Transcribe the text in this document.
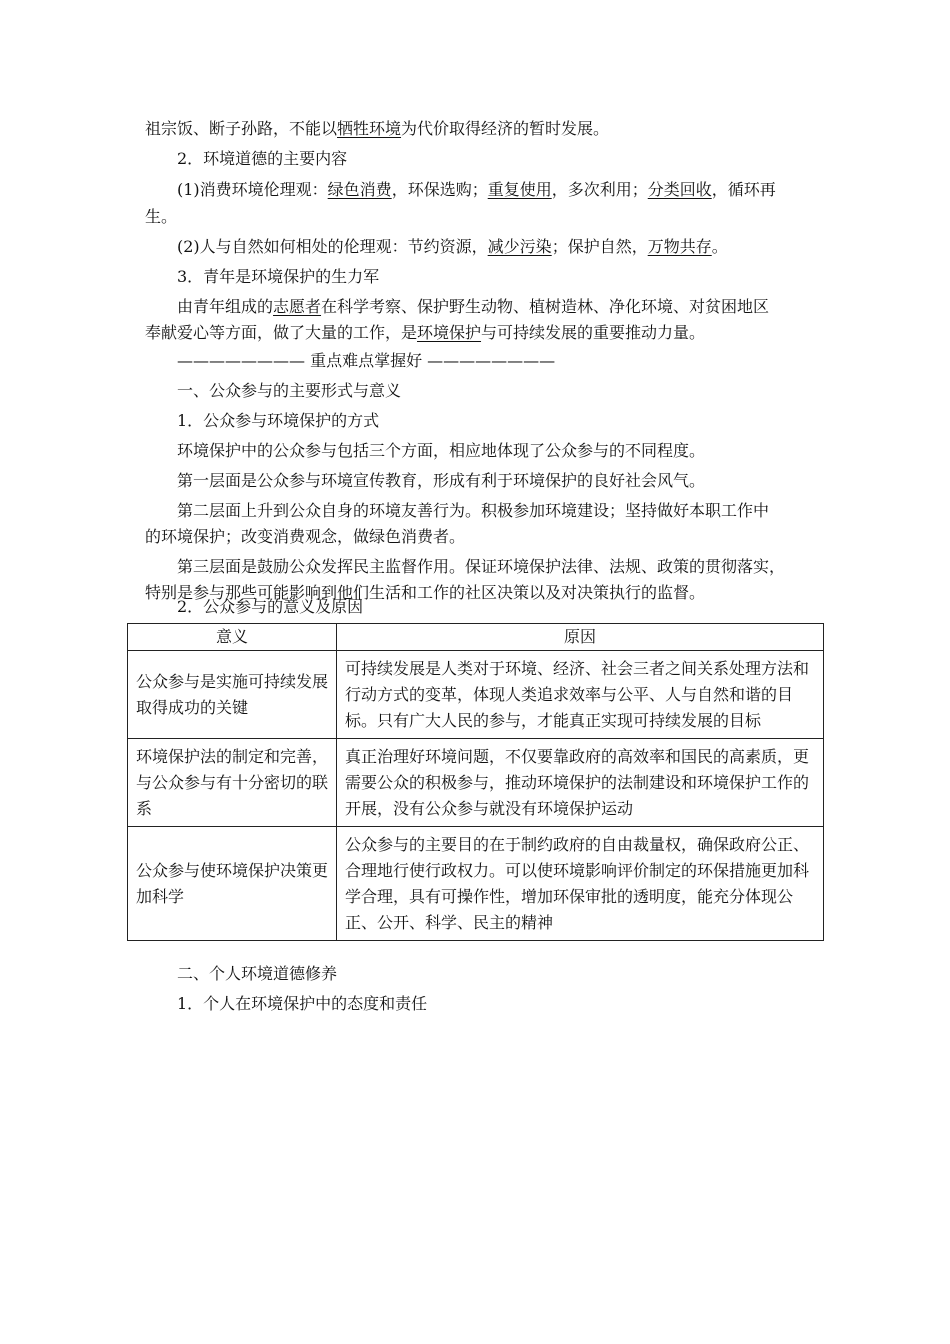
祖宗饭、断子孙路，不能以牺牲环境为代价取得经济的暂时发展。
2．环境道德的主要内容
(1)消费环境伦理观：绿色消费，环保选购；重复使用，多次利用；分类回收，循环再
生。
(2)人与自然如何相处的伦理观：节约资源，减少污染；保护自然，万物共存。
3．青年是环境保护的生力军
由青年组成的志愿者在科学考察、保护野生动物、植树造林、净化环境、对贫困地区
奉献爱心等方面，做了大量的工作，是环境保护与可持续发展的重要推动力量。
———————— 重点难点掌握好 ————————
一、公众参与的主要形式与意义
1．公众参与环境保护的方式
环境保护中的公众参与包括三个方面，相应地体现了公众参与的不同程度。
第一层面是公众参与环境宣传教育，形成有利于环境保护的良好社会风气。
第二层面上升到公众自身的环境友善行为。积极参加环境建设；坚持做好本职工作中
的环境保护；改变消费观念，做绿色消费者。
第三层面是鼓励公众发挥民主监督作用。保证环境保护法律、法规、政策的贯彻落实，
特别是参与那些可能影响到他们生活和工作的社区决策以及对决策执行的监督。
2．公众参与的意义及原因
意义	原因
公众参与是实施可持续发展取得成功的关键	可持续发展是人类对于环境、经济、社会三者之间关系处理方法和行动方式的变革，体现人类追求效率与公平、人与自然和谐的目标。只有广大人民的参与，才能真正实现可持续发展的目标
环境保护法的制定和完善，与公众参与有十分密切的联系	真正治理好环境问题，不仅要靠政府的高效率和国民的高素质，更需要公众的积极参与，推动环境保护的法制建设和环境保护工作的开展，没有公众参与就没有环境保护运动
公众参与使环境保护决策更加科学	公众参与的主要目的在于制约政府的自由裁量权，确保政府公正、合理地行使行政权力。可以使环境影响评价制定的环保措施更加科学合理，具有可操作性，增加环保审批的透明度，能充分体现公正、公开、科学、民主的精神
二、个人环境道德修养
1．个人在环境保护中的态度和责任
